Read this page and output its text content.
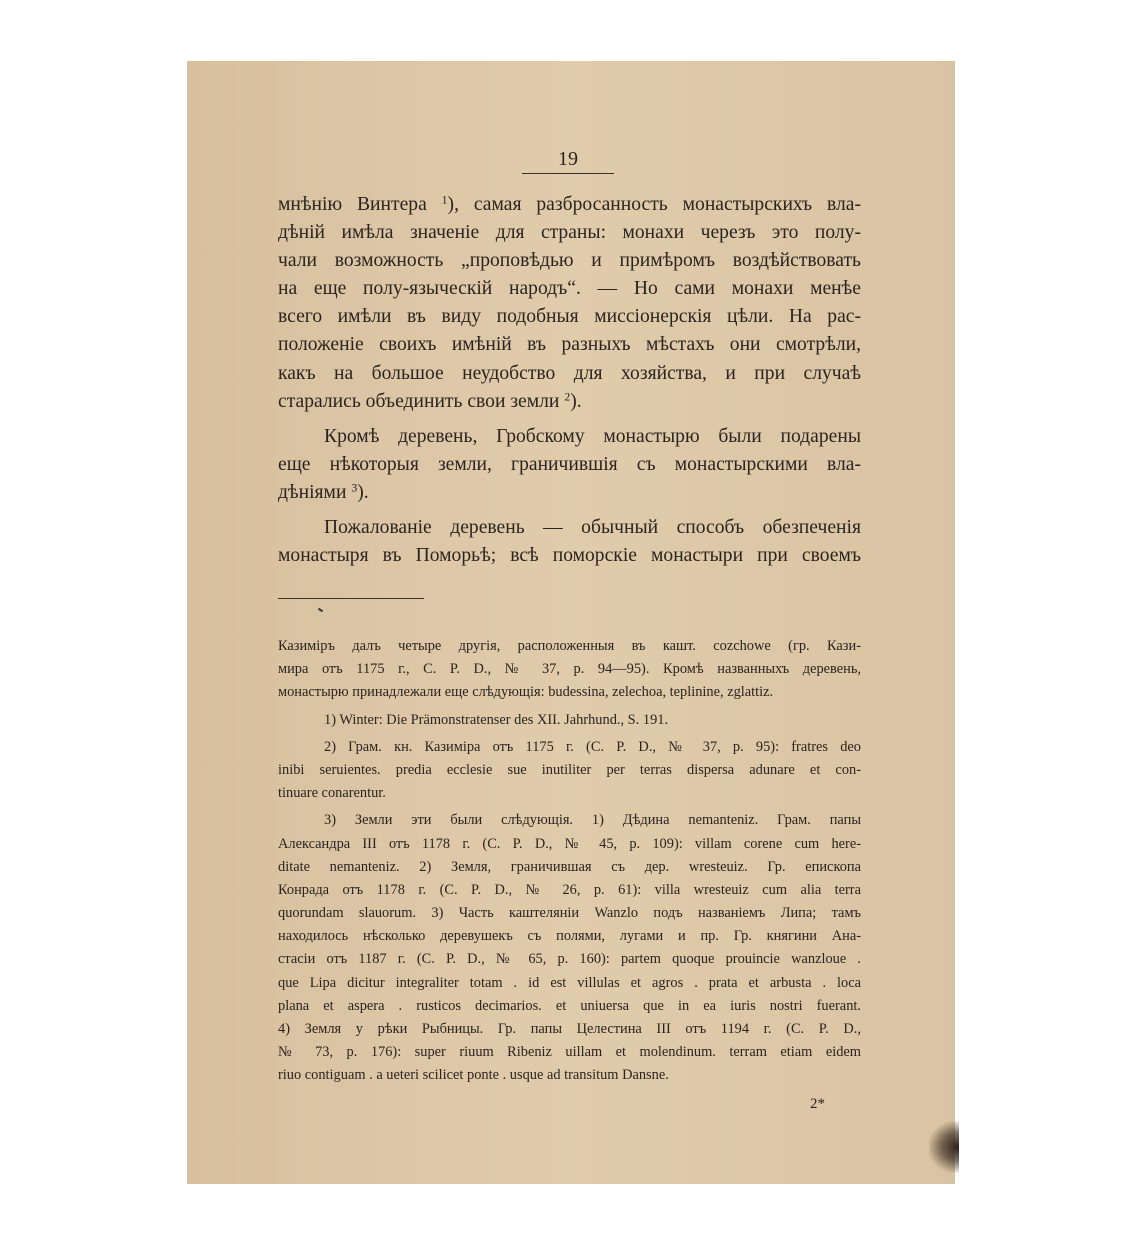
19

мнѣнію Винтера $^1$), самая разбросанность монастырскихъ вла-
дѣній имѣла значеніе для страны: монахи черезъ это полу-
чали возможность „проповѣдью и примѣромъ воздѣйствовать
на еще полу-языческій народъ“. — Но сами монахи менѣе
всего имѣли въ виду подобныя миссіонерскія цѣли. На рас-
положеніе своихъ имѣній въ разныхъ мѣстахъ они смотрѣли,
какъ на большое неудобство для хозяйства, и при случаѣ
старались объединить свои земли $^2$).

Кромѣ деревень, Гробскому монастырю были подарены
еще нѣкоторыя земли, граничившія съ монастырскими вла-
дѣніями $^3$).

Пожалованіе деревень — обычный способъ обезпеченія
монастыря въ Поморьѣ; всѣ поморскіе монастыри при своемъ

Казиміръ далъ четыре другія, расположенныя въ кашт. cozchowe (гр. Кази-
мира отъ 1175 г., C. P. D., № 37, p. 94—95). Кромѣ названныхъ деревень,
монастырю принадлежали еще слѣдующія: budessina, zelechoa, teplinine, zglattiz.
1) Winter: Die Prämonstratenser des XII. Jahrhund., S. 191.
2) Грам. кн. Казиміра отъ 1175 г. (C. P. D., № 37, p. 95): fratres deo
inibi seruientes. predia ecclesie sue inutiliter per terras dispersa adunare et con-
tinuare conarentur.
3) Земли эти были слѣдующія. 1) Дѣдина nemanteniz. Грам. папы
Александра III отъ 1178 г. (C. P. D., № 45, p. 109): villam corene cum here-
ditate nemanteniz. 2) Земля, граничившая съ дер. wresteuiz. Гр. епископа
Конрада отъ 1178 г. (C. P. D., № 26, p. 61): villa wresteuiz cum alia terra
quorundam slauorum. 3) Часть каштеляніи Wanzlo подъ названіемъ Липа; тамъ
находилось нѣсколько деревушекъ съ полями, лугами и пр. Гр. княгини Ана-
стасіи отъ 1187 г. (C. P. D., № 65, p. 160): partem quoque prouincie wanzloue .
que Lipa dicitur integraliter totam . id est villulas et agros . prata et arbusta . loca
plana et aspera . rusticos decimarios. et uniuersa que in ea iuris nostri fuerant.
4) Земля у рѣки Рыбницы. Гр. папы Целестина III отъ 1194 г. (C. P. D.,
№ 73, p. 176): super riuum Ribeniz uillam et molendinum. terram etiam eidem
riuo contiguam . a ueteri scilicet ponte . usque ad transitum Dansne.
2*
